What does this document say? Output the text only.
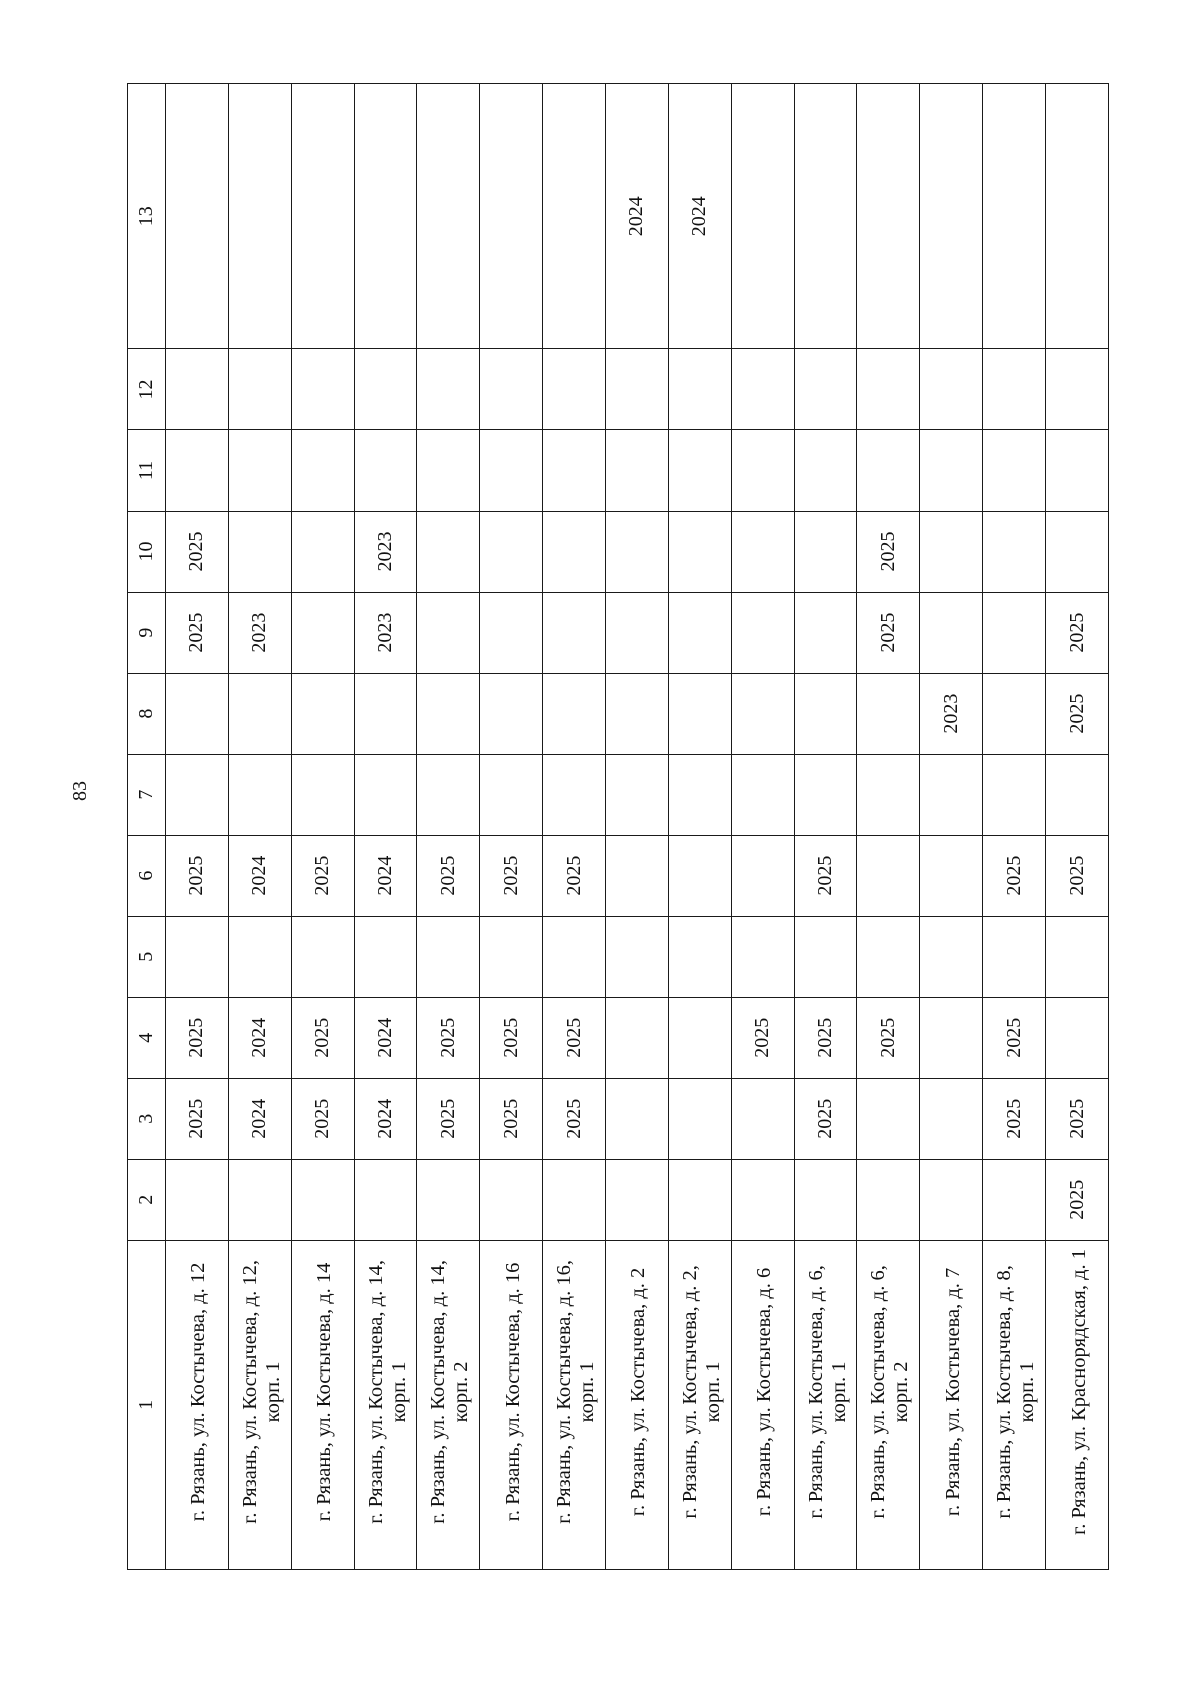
83
1	2	3	4	5	6	7	8	9	10	11	12	13
г. Рязань, ул. Костычева, д. 12		2025	2025		2025			2025	2025			
г. Рязань, ул. Костычева, д. 12, корп. 1		2024	2024		2024			2023				
г. Рязань, ул. Костычева, д. 14		2025	2025		2025							
г. Рязань, ул. Костычева, д. 14, корп. 1		2024	2024		2024			2023	2023			
г. Рязань, ул. Костычева, д. 14, корп. 2		2025	2025		2025							
г. Рязань, ул. Костычева, д. 16		2025	2025		2025							
г. Рязань, ул. Костычева, д. 16, корп. 1		2025	2025		2025							
г. Рязань, ул. Костычева, д. 2												2024
г. Рязань, ул. Костычева, д. 2, корп. 1												2024
г. Рязань, ул. Костычева, д. 6			2025									
г. Рязань, ул. Костычева, д. 6, корп. 1		2025	2025		2025							
г. Рязань, ул. Костычева, д. 6, корп. 2			2025					2025	2025			
г. Рязань, ул. Костычева, д. 7							2023					
г. Рязань, ул. Костычева, д. 8, корп. 1		2025	2025		2025							
г. Рязань, ул. Краснорядская, д. 1	2025	2025			2025		2025	2025				
